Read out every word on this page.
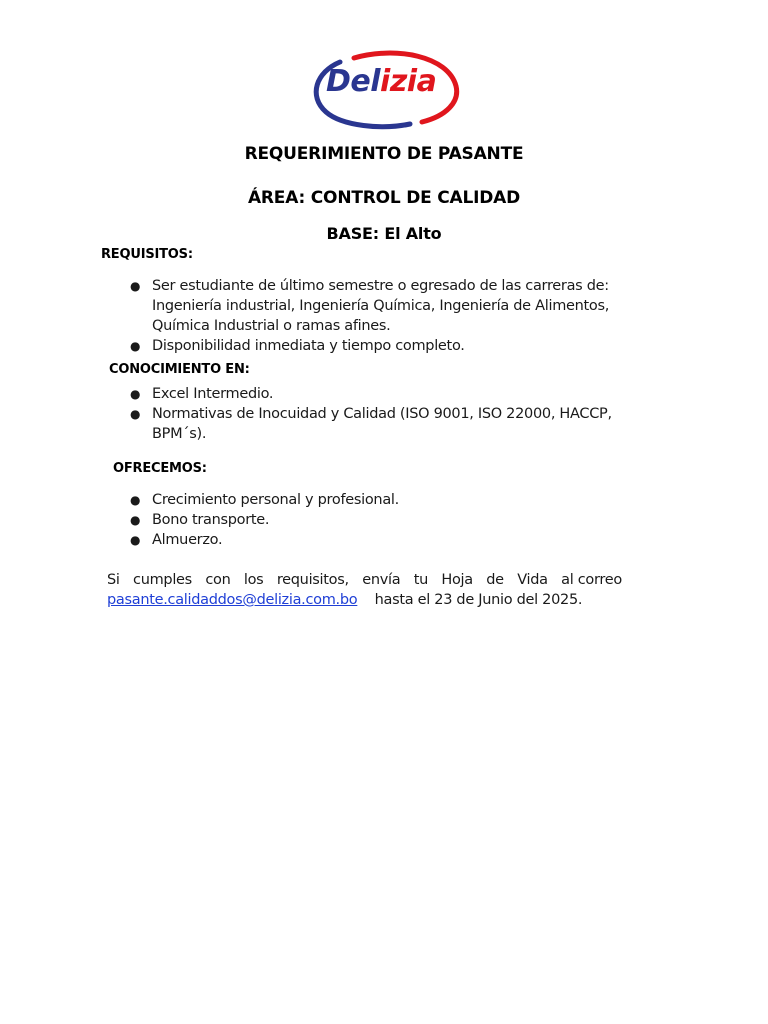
Delizia
REQUERIMIENTO DE PASANTE
ÁREA: CONTROL DE CALIDAD
BASE: El Alto
REQUISITOS:
● Ser estudiante de último semestre o egresado de las carreras de:
Ingeniería industrial, Ingeniería Química, Ingeniería de Alimentos,
Química Industrial o ramas afines.
● Disponibilidad inmediata y tiempo completo.
CONOCIMIENTO EN:
● Excel Intermedio.
● Normativas de Inocuidad y Calidad (ISO 9001, ISO 22000, HACCP,
BPM´s).
OFRECEMOS:
● Crecimiento personal y profesional.
● Bono transporte.
● Almuerzo.
Si cumples con los requisitos, envía tu Hoja de Vida al correo
pasante.calidaddos@delizia.com.bo hasta el 23 de Junio del 2025.
